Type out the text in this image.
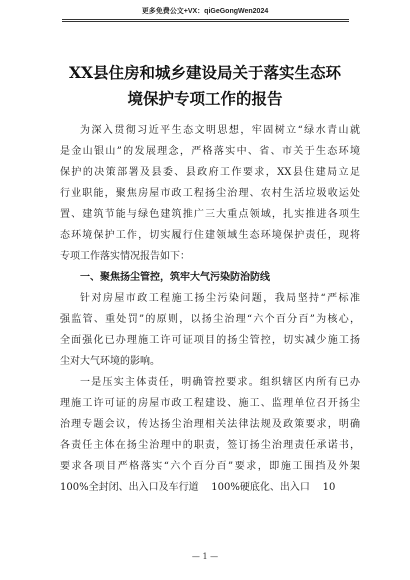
更多免费公文+VX：qiGeGongWen2024
XX县住房和城乡建设局关于落实生态环
境保护专项工作的报告
为深入贯彻习近平生态文明思想，牢固树立“绿水青山就
是金山银山”的发展理念，严格落实中、省、市关于生态环境
保护的决策部署及县委、县政府工作要求，XX县住建局立足
行业职能，聚焦房屋市政工程扬尘治理、农村生活垃圾收运处
置、建筑节能与绿色建筑推广三大重点领域，扎实推进各项生
态环境保护工作，切实履行住建领域生态环境保护责任，现将
专项工作落实情况报告如下：
一、聚焦扬尘管控，筑牢大气污染防治防线
针对房屋市政工程施工扬尘污染问题，我局坚持“严标准
强监管、重处罚”的原则，以扬尘治理“六个百分百”为核心，
全面强化已办理施工许可证项目的扬尘管控，切实减少施工扬
尘对大气环境的影响。
一是压实主体责任，明确管控要求。组织辖区内所有已办
理施工许可证的房屋市政工程建设、施工、监理单位召开扬尘
治理专题会议，传达扬尘治理相关法律法规及政策要求，明确
各责任主体在扬尘治理中的职责，签订扬尘治理责任承诺书，
要求各项目严格落实“六个百分百”要求，即施工围挡及外架
100%全封闭、出入口及车行道    100%硬底化、出入口    10
— 1 —
